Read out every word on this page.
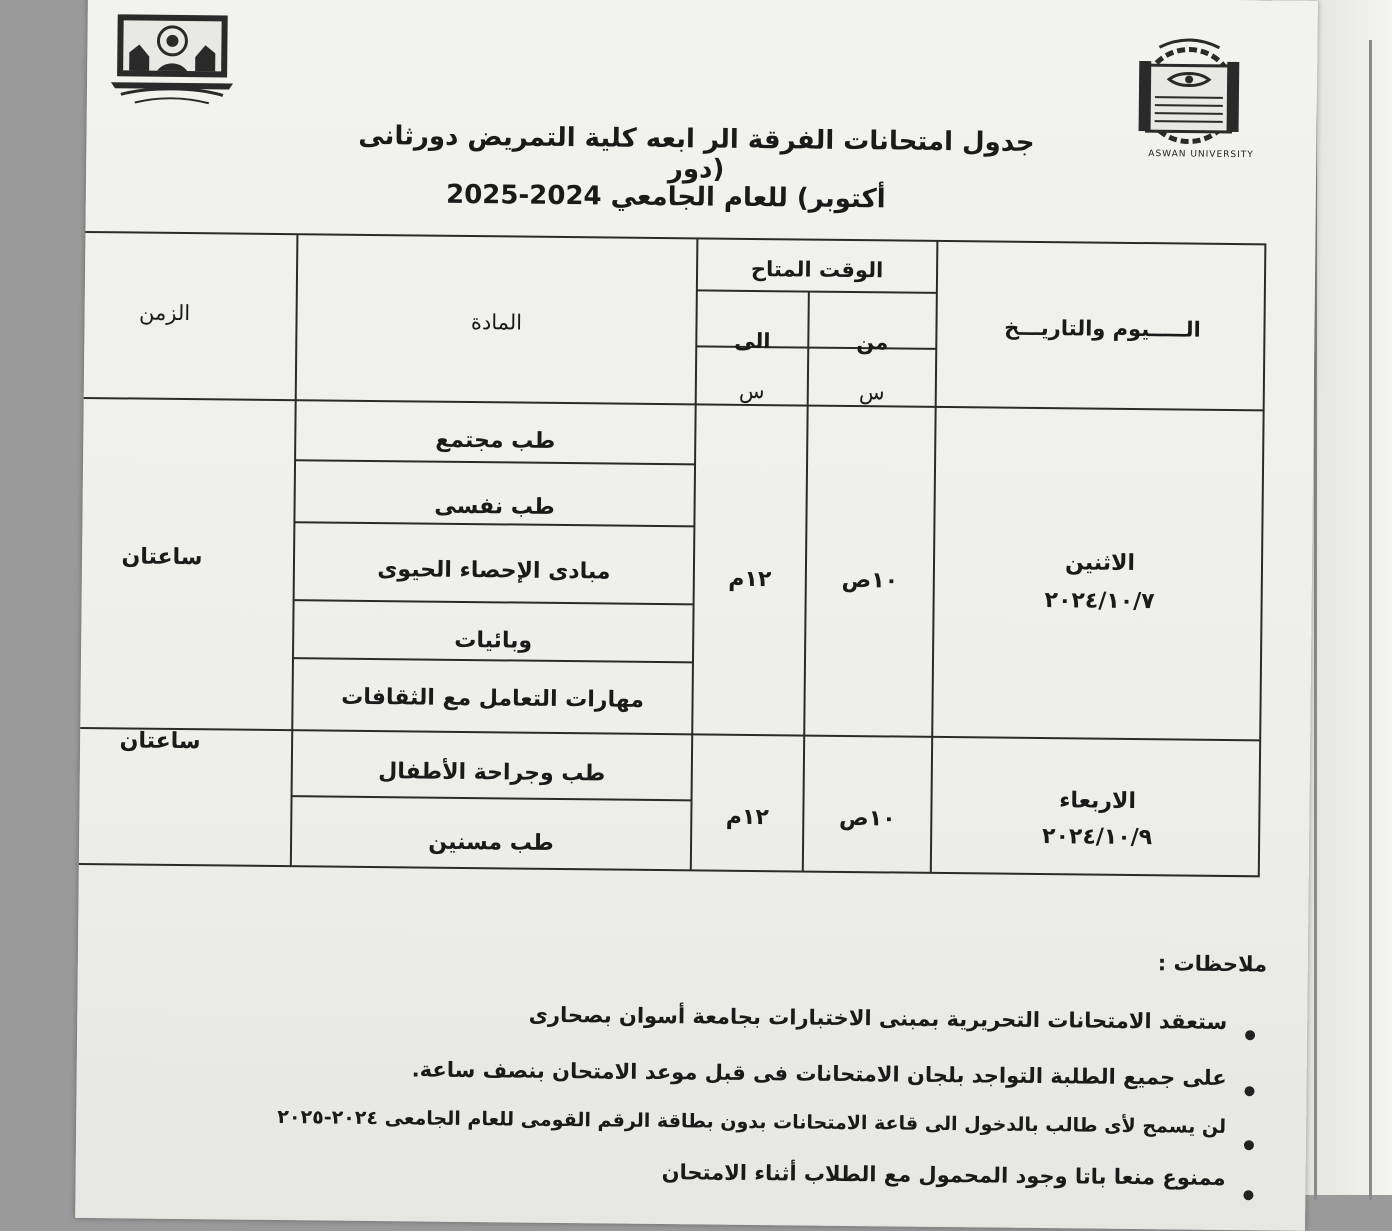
ASWAN UNIVERSITY
جدول امتحانات الفرقة الر ابعه كلية التمريض دورثانى (دور
أكتوبر) للعام الجامعي 2024-2025
الـــــيوم والتاريـــخ
الوقت المتاح
من
الى
س
س
المادة
الزمن
الاثنين
٢٠٢٤/١٠/٧
١٠ص
١٢م
طب مجتمع
طب نفسى
مبادى الإحصاء الحيوى
وبائيات
مهارات التعامل مع الثقافات
ساعتان
الاربعاء
٢٠٢٤/١٠/٩
١٠ص
١٢م
طب وجراحة الأطفال
طب مسنين
ساعتان
ملاحظات :
ستعقد الامتحانات التحريرية بمبنى الاختبارات بجامعة أسوان بصحارى
على جميع الطلبة التواجد بلجان الامتحانات فى قبل موعد الامتحان بنصف ساعة.
لن يسمح لأى طالب بالدخول الى قاعة الامتحانات بدون بطاقة الرقم القومى للعام الجامعى ٢٠٢٤-٢٠٢٥
ممنوع منعا باتا وجود المحمول مع الطلاب أثناء الامتحان
